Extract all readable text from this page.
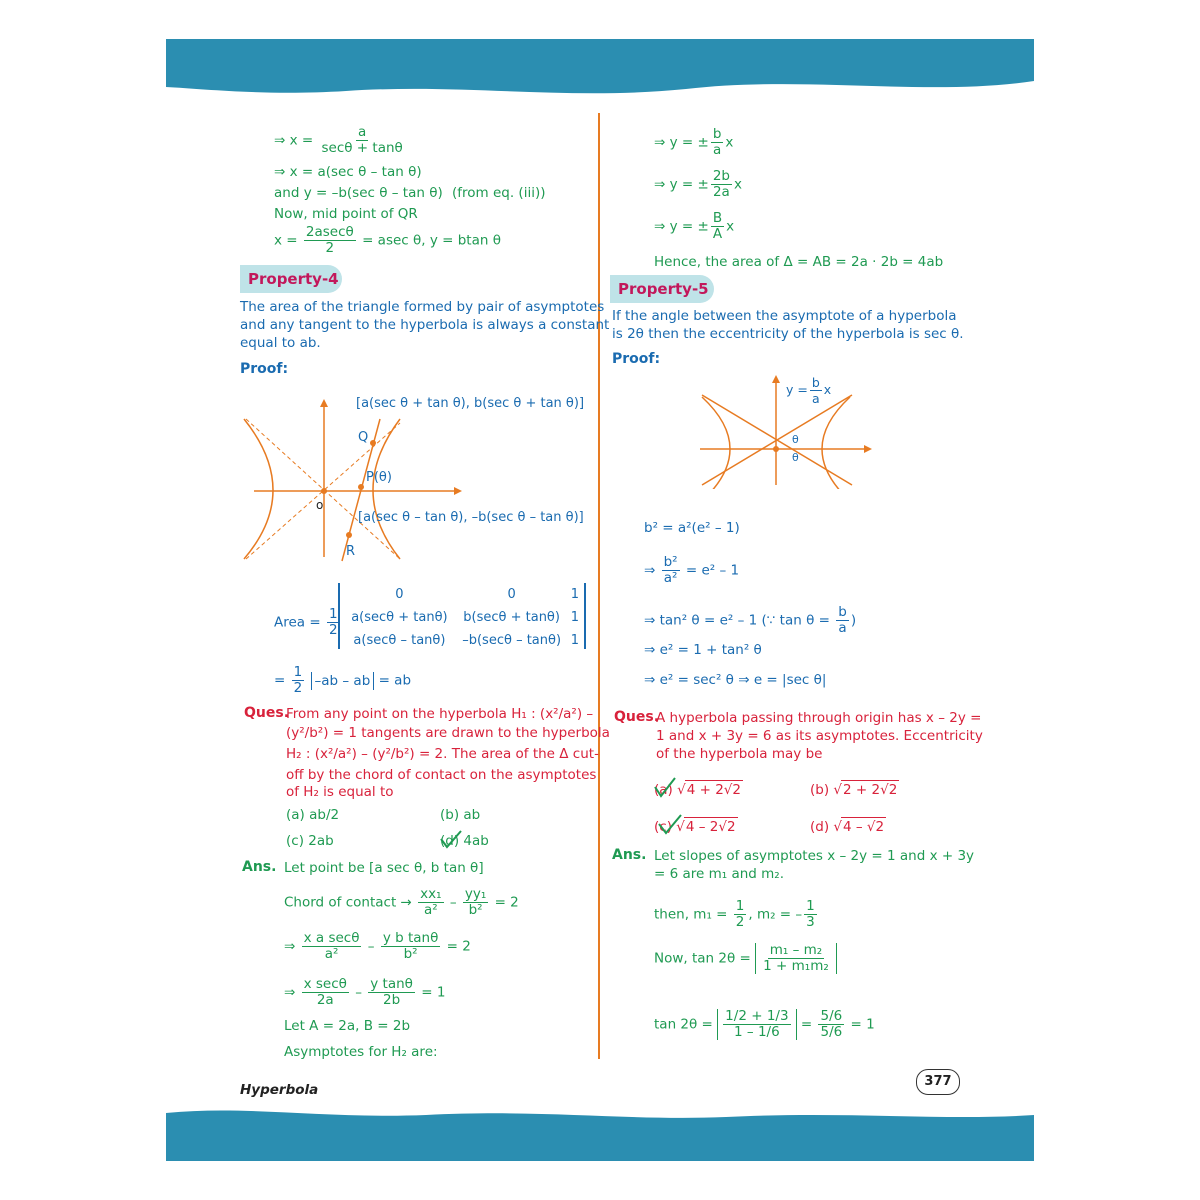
⇒ $x = \frac{a}{\sec\theta + \tan\theta}$
⇒ x = a(sec θ – tan θ)
and y = –b(sec θ – tan θ) (from eq. (iii))
Now, mid point of QR
$x = \frac{2asec\theta}{2} = asec$ θ, y = btan θ
Property-4
The area of the triangle formed by pair of asymptotes
and any tangent to the hyperbola is always a constant
equal to ab.
Proof:
Q
P(θ)
R
o
[a(sec θ + tan θ), b(sec θ + tan θ)]
[a(sec θ – tan θ), –b(sec θ – tan θ)]
Area = $\frac{1}{2}$
0	0	1
a(secθ + tanθ)	b(secθ + tanθ)	1
a(secθ – tanθ)	–b(secθ – tanθ)	1
= $\frac{1}{2} -ab$ – ab = ab
Ques.
From any point on the hyperbola H₁ : (x²/a²) –
(y²/b²) = 1 tangents are drawn to the hyperbola
H₂ : (x²/a²) – (y²/b²) = 2. The area of the Δ cut-
off by the chord of contact on the asymptotes
of H₂ is equal to
(a) ab/2	(b) ab
(c) 2ab	(d) 4ab
Ans. Let point be [a sec θ, b tan θ]
Chord of contact → $\frac{\text{xx₁}}{\text{a²}} - \frac{\text{yy₁}}{\text{b²}} = 2$
⇒ $\frac{\text{x a secθ}}{\text{a²}} - \frac{\text{y b tanθ}}{\text{b²}} = 2$
⇒ $\frac{\text{x secθ}}{2a} - \frac{\text{y tanθ}}{2b} = 1$
Let A = 2a, B = 2b
Asymptotes for H₂ are:
Hyperbola
⇒ y = ± $\frac{b}{a}$ x
⇒ y = ± $\frac{2b}{2a}$ x
⇒ y = ± $\frac{B}{A}$ x
Hence, the area of Δ = AB = 2a · 2b = 4ab
Property-5
If the angle between the asymptote of a hyperbola
is 2θ then the eccentricity of the hyperbola is sec θ.
Proof:
θ
θ
$y = \frac{b}{a}$ x
b² = a²(e² – 1)
⇒ $\frac{\text{b²}}{\text{a²}} = e^2 - 1$
⇒ tan² θ = e² – 1 (∵ $\tan \theta = \frac{b}{a}$ )
⇒ e² = 1 + tan² θ
⇒ e² = sec² θ ⇒ e = |sec θ|
Ques.
A hyperbola passing through origin has x – 2y =
1 and x + 3y = 6 as its asymptotes. Eccentricity
of the hyperbola may be
(a) √4 + 2√2	(b) √2 + 2√2
(c) √4 – 2√2	(d) √4 – √2
Ans. Let slopes of asymptotes x – 2y = 1 and x + 3y
= 6 are m₁ and m₂.
then, $m_1 = \frac{1}{2}$ , m₂ = – $\frac{1}{3}$
Now, $\tan 2\theta = \frac{\text{m₁ – m₂}}{\text{1 + m₁m₂}}$
$\tan 2\theta = \frac{1/2 + 1/3}{1 - 1/6} = \frac{5/6}{5/6} = 1$
377
